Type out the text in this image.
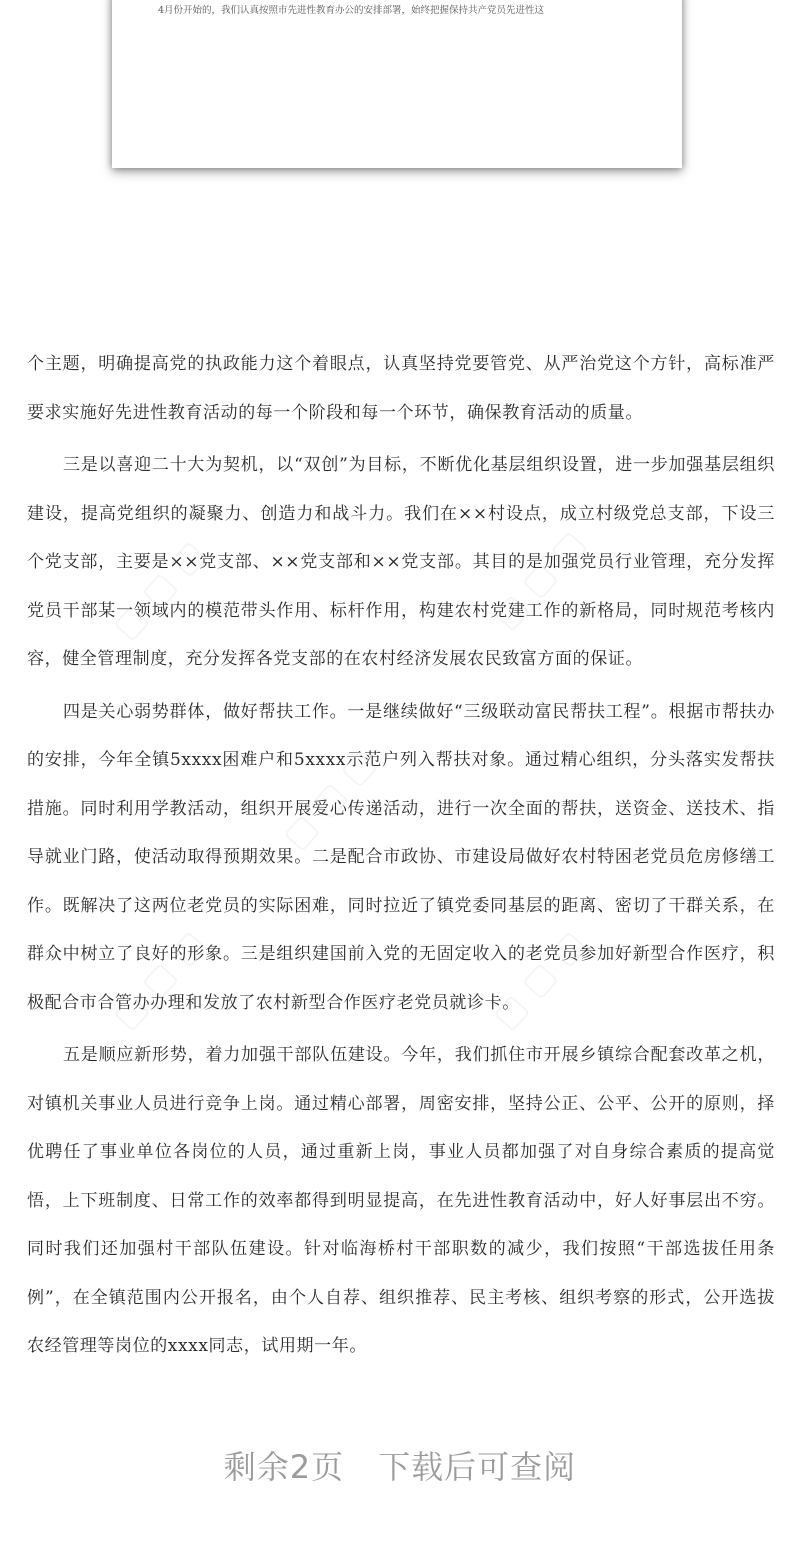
4月份开始的，我们认真按照市先进性教育办公的安排部署，始终把握保持共产党员先进性这

个主题，明确提高党的执政能力这个着眼点，认真坚持党要管党、从严治党这个方针，高标准严要求实施好先进性教育活动的每一个阶段和每一个环节，确保教育活动的质量。

三是以喜迎二十大为契机，以“双创”为目标，不断优化基层组织设置，进一步加强基层组织建设，提高党组织的凝聚力、创造力和战斗力。我们在××村设点，成立村级党总支部，下设三个党支部，主要是××党支部、××党支部和××党支部。其目的是加强党员行业管理，充分发挥党员干部某一领域内的模范带头作用、标杆作用，构建农村党建工作的新格局，同时规范考核内容，健全管理制度，充分发挥各党支部的在农村经济发展农民致富方面的保证。

四是关心弱势群体，做好帮扶工作。一是继续做好“三级联动富民帮扶工程”。根据市帮扶办的安排，今年全镇5xxxx困难户和5xxxx示范户列入帮扶对象。通过精心组织，分头落实发帮扶措施。同时利用学教活动，组织开展爱心传递活动，进行一次全面的帮扶，送资金、送技术、指导就业门路，使活动取得预期效果。二是配合市政协、市建设局做好农村特困老党员危房修缮工作。既解决了这两位老党员的实际困难，同时拉近了镇党委同基层的距离、密切了干群关系，在群众中树立了良好的形象。三是组织建国前入党的无固定收入的老党员参加好新型合作医疗，积极配合市合管办办理和发放了农村新型合作医疗老党员就诊卡。

五是顺应新形势，着力加强干部队伍建设。今年，我们抓住市开展乡镇综合配套改革之机，对镇机关事业人员进行竞争上岗。通过精心部署，周密安排，坚持公正、公平、公开的原则，择优聘任了事业单位各岗位的人员，通过重新上岗，事业人员都加强了对自身综合素质的提高觉悟，上下班制度、日常工作的效率都得到明显提高，在先进性教育活动中，好人好事层出不穷。同时我们还加强村干部队伍建设。针对临海桥村干部职数的减少，我们按照“干部选拔任用条例”，在全镇范围内公开报名，由个人自荐、组织推荐、民主考核、组织考察的形式，公开选拔农经管理等岗位的xxxx同志，试用期一年。

▢ ▢ ▢	▢ ▢ ▢
▢ ▢ ▢
▢ ▢ ▢	▢ ▢ ▢
剩余2页 下载后可查阅
